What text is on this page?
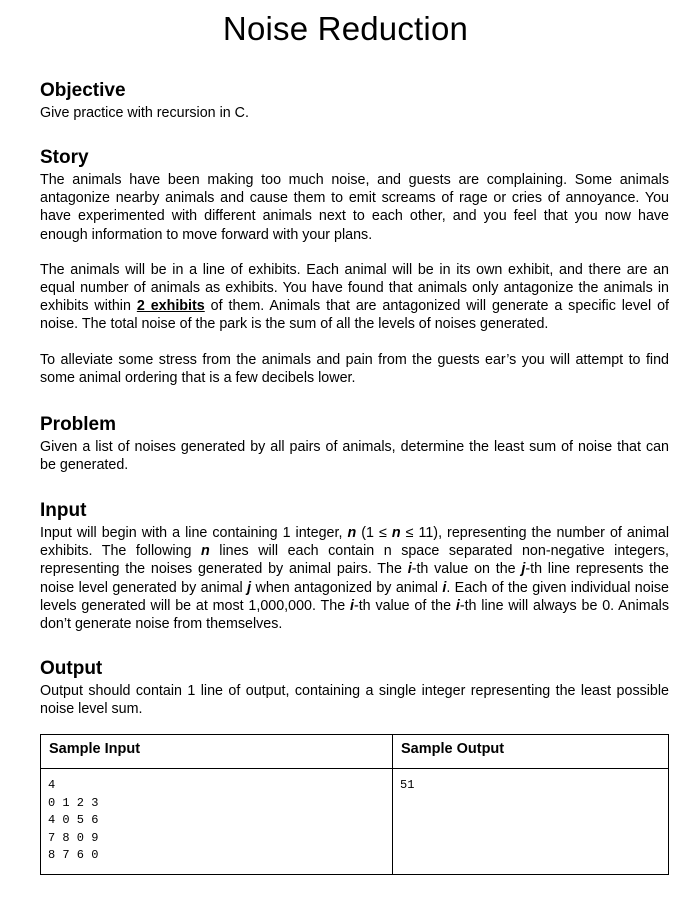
Noise Reduction
Objective

Give practice with recursion in C.

Story

The animals have been making too much noise, and guests are complaining. Some animals antagonize nearby animals and cause them to emit screams of rage or cries of annoyance. You have experimented with different animals next to each other, and you feel that you now have enough information to move forward with your plans.

The animals will be in a line of exhibits. Each animal will be in its own exhibit, and there are an equal number of animals as exhibits. You have found that animals only antagonize the animals in exhibits within 2 exhibits of them. Animals that are antagonized will generate a specific level of noise. The total noise of the park is the sum of all the levels of noises generated.

To alleviate some stress from the animals and pain from the guests ear’s you will attempt to find some animal ordering that is a few decibels lower.

Problem

Given a list of noises generated by all pairs of animals, determine the least sum of noise that can be generated.

Input

Input will begin with a line containing 1 integer, n (1 ≤ n ≤ 11), representing the number of animal exhibits. The following n lines will each contain n space separated non-negative integers, representing the noises generated by animal pairs. The i-th value on the j-th line represents the noise level generated by animal j when antagonized by animal i. Each of the given individual noise levels generated will be at most 1,000,000. The i-th value of the i-th line will always be 0. Animals don’t generate noise from themselves.

Output

Output should contain 1 line of output, containing a single integer representing the least possible noise level sum.

Sample Input	Sample Output
4
0 1 2 3
4 0 5 6
7 8 0 9
8 7 6 0	51
